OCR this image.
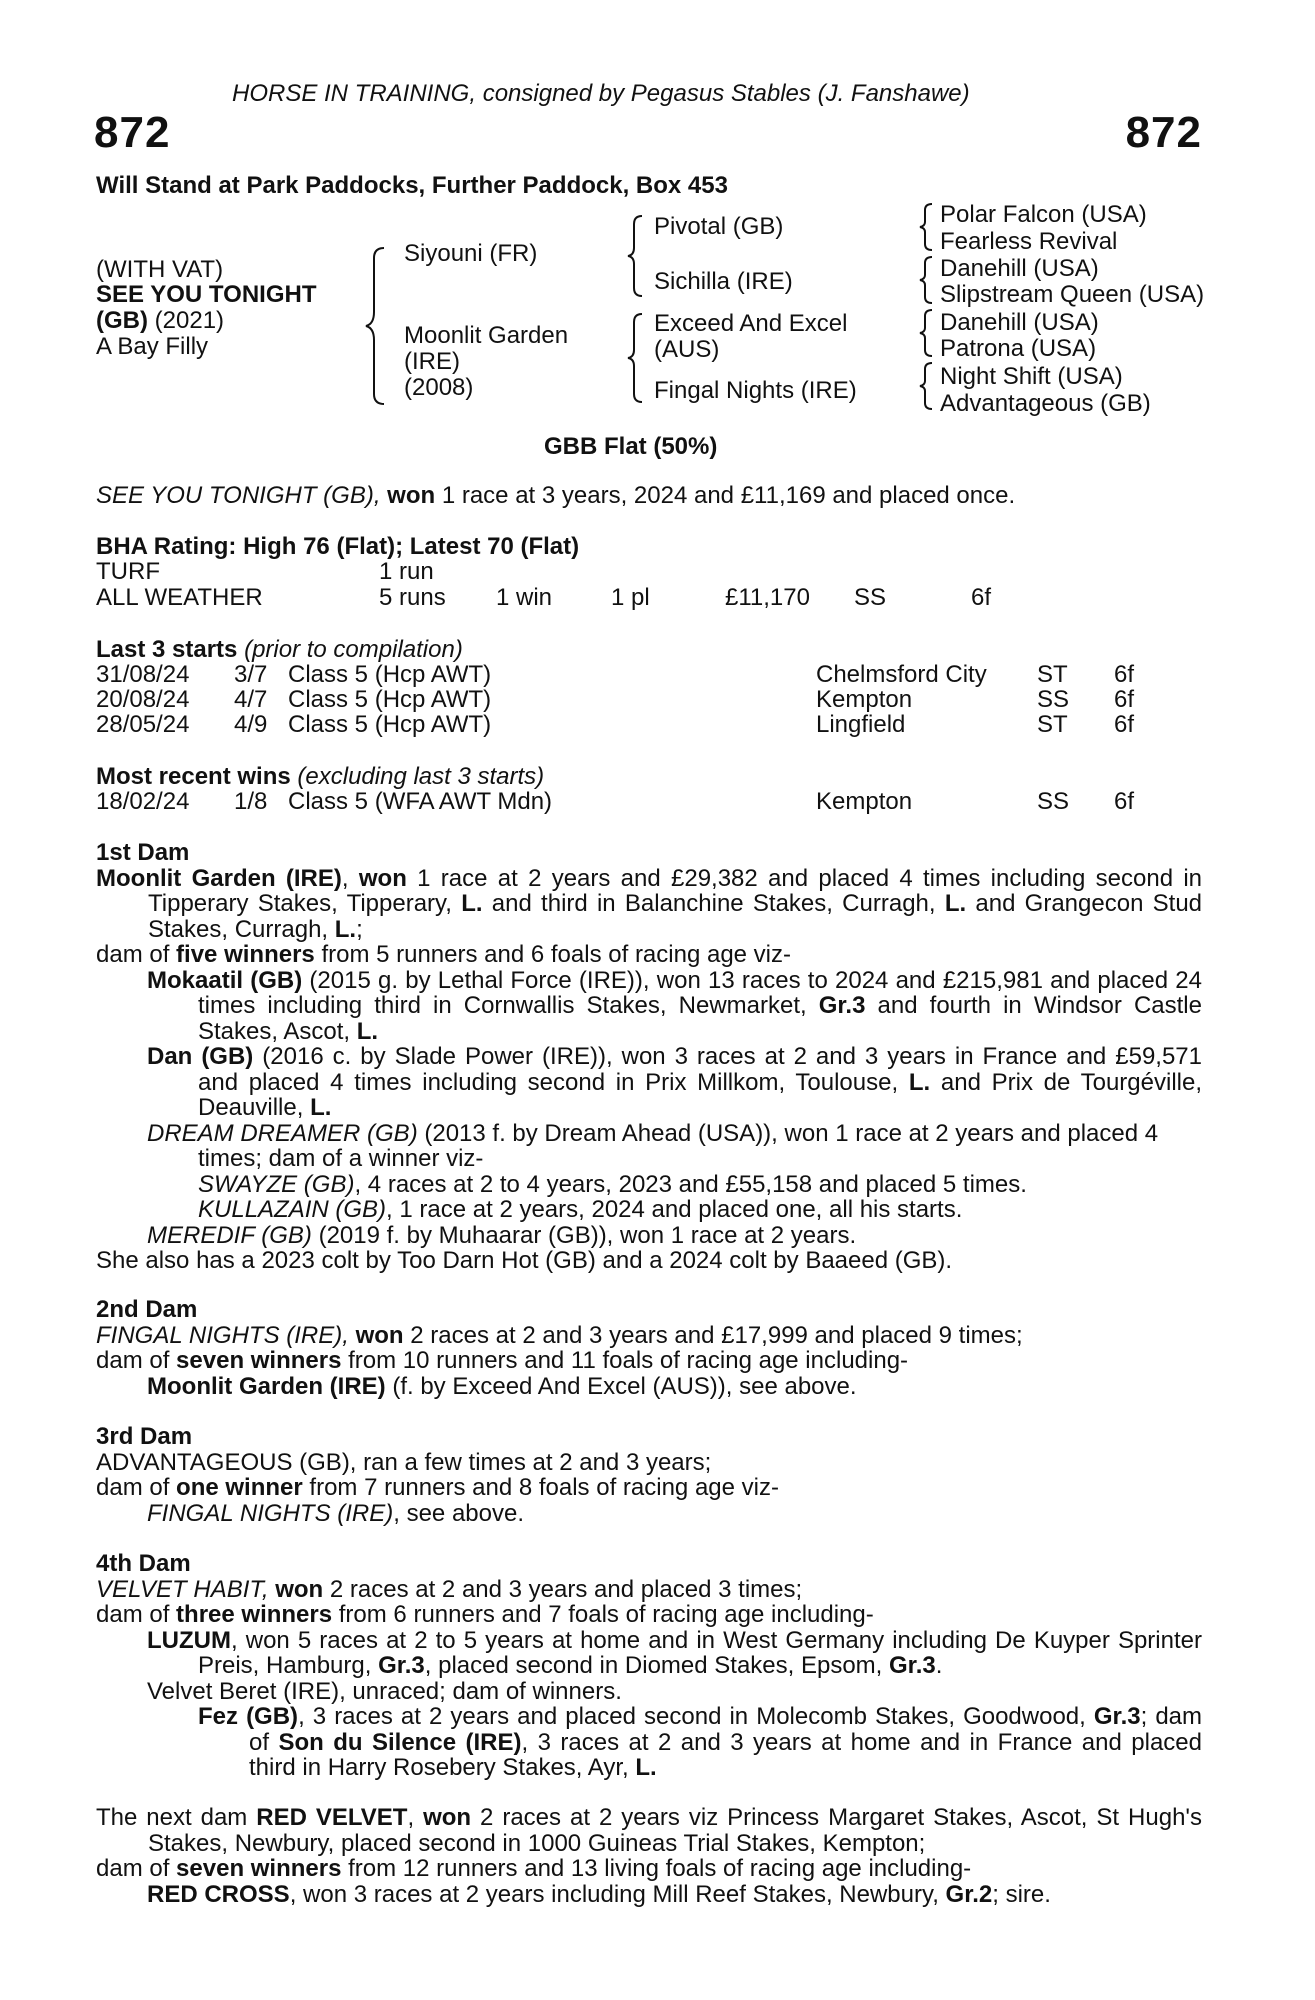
HORSE IN TRAINING, consigned by Pegasus Stables (J. Fanshawe)
872	872
Will Stand at Park Paddocks, Further Paddock, Box 453
(WITH VAT)
SEE YOU TONIGHT
(GB) (2021)
A Bay Filly
Siyouni (FR)
Moonlit Garden
(IRE)
(2008)
Pivotal (GB)
Sichilla (IRE)
Exceed And Excel
(AUS)
Fingal Nights (IRE)
Polar Falcon (USA)
Fearless Revival
Danehill (USA)
Slipstream Queen (USA)
Danehill (USA)
Patrona (USA)
Night Shift (USA)
Advantageous (GB)
GBB Flat (50%)
SEE YOU TONIGHT (GB), won 1 race at 3 years, 2024 and £11,169 and placed once.
BHA Rating: High 76 (Flat); Latest 70 (Flat)
TURF	1 run
ALL WEATHER	5 runs 1 win 1 pl	£11,170 SS	6f
Last 3 starts (prior to compilation)
31/08/24 3/7 Class 5 (Hcp AWT)	Chelmsford City ST 6f
20/08/24 4/7 Class 5 (Hcp AWT)	Kempton	SS 6f
28/05/24 4/9 Class 5 (Hcp AWT)	Lingfield	ST 6f
Most recent wins (excluding last 3 starts)
18/02/24 1/8 Class 5 (WFA AWT Mdn)	Kempton	SS 6f

1st Dam

Moonlit Garden (IRE), won 1 race at 2 years and £29,382 and placed 4 times including second in Tipperary Stakes, Tipperary, L. and third in Balanchine Stakes, Curragh, L. and Grangecon Stud Stakes, Curragh, L.;

dam of five winners from 5 runners and 6 foals of racing age viz-

Mokaatil (GB) (2015 g. by Lethal Force (IRE)), won 13 races to 2024 and £215,981 and placed 24 times including third in Cornwallis Stakes, Newmarket, Gr.3 and fourth in Windsor Castle Stakes, Ascot, L.

Dan (GB) (2016 c. by Slade Power (IRE)), won 3 races at 2 and 3 years in France and £59,571 and placed 4 times including second in Prix Millkom, Toulouse, L. and Prix de Tourgéville, Deauville, L.

DREAM DREAMER (GB) (2013 f. by Dream Ahead (USA)), won 1 race at 2 years and placed 4 times; dam of a winner viz-

SWAYZE (GB), 4 races at 2 to 4 years, 2023 and £55,158 and placed 5 times.

KULLAZAIN (GB), 1 race at 2 years, 2024 and placed one, all his starts.

MEREDIF (GB) (2019 f. by Muhaarar (GB)), won 1 race at 2 years.

She also has a 2023 colt by Too Darn Hot (GB) and a 2024 colt by Baaeed (GB).

2nd Dam

FINGAL NIGHTS (IRE), won 2 races at 2 and 3 years and £17,999 and placed 9 times;

dam of seven winners from 10 runners and 11 foals of racing age including-

Moonlit Garden (IRE) (f. by Exceed And Excel (AUS)), see above.

3rd Dam

ADVANTAGEOUS (GB), ran a few times at 2 and 3 years;

dam of one winner from 7 runners and 8 foals of racing age viz-

FINGAL NIGHTS (IRE), see above.

4th Dam

VELVET HABIT, won 2 races at 2 and 3 years and placed 3 times;

dam of three winners from 6 runners and 7 foals of racing age including-

LUZUM, won 5 races at 2 to 5 years at home and in West Germany including De Kuyper Sprinter Preis, Hamburg, Gr.3, placed second in Diomed Stakes, Epsom, Gr.3.

Velvet Beret (IRE), unraced; dam of winners.

Fez (GB), 3 races at 2 years and placed second in Molecomb Stakes, Goodwood, Gr.3; dam of Son du Silence (IRE), 3 races at 2 and 3 years at home and in France and placed third in Harry Rosebery Stakes, Ayr, L.

The next dam RED VELVET, won 2 races at 2 years viz Princess Margaret Stakes, Ascot, St Hugh's Stakes, Newbury, placed second in 1000 Guineas Trial Stakes, Kempton;

dam of seven winners from 12 runners and 13 living foals of racing age including-

RED CROSS, won 3 races at 2 years including Mill Reef Stakes, Newbury, Gr.2; sire.
